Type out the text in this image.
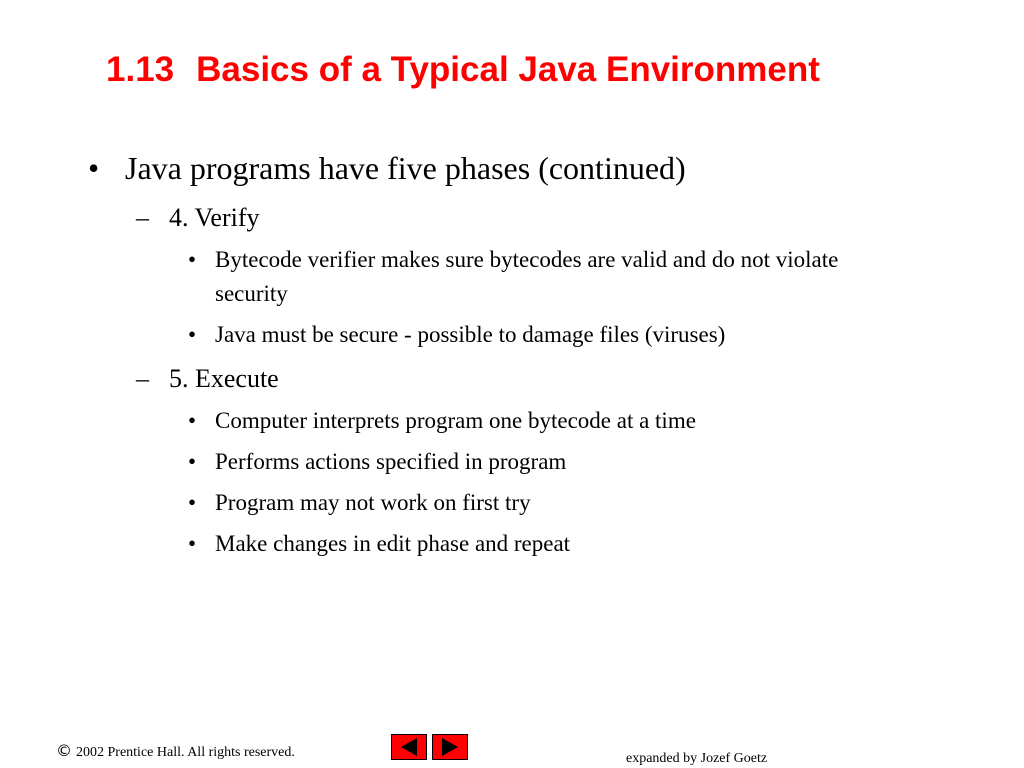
1.13 Basics of a Typical Java Environment
• Java programs have five phases (continued)
– 4. Verify
• Bytecode verifier makes sure bytecodes are valid and do not violate security
• Java must be secure - possible to damage files (viruses)
– 5. Execute
• Computer interprets program one bytecode at a time
• Performs actions specified in program
• Program may not work on first try
• Make changes in edit phase and repeat
© 2002 Prentice Hall. All rights reserved.	expanded by Jozef Goetz
